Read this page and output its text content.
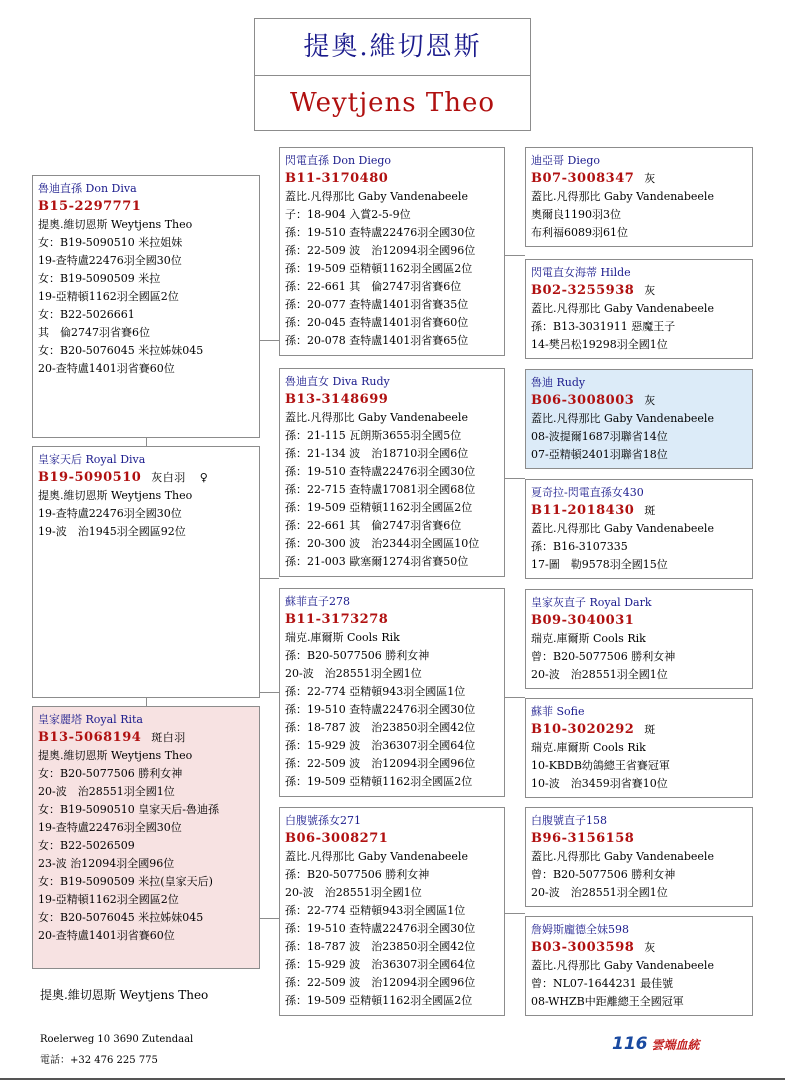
提奧.維切恩斯
Weytjens Theo
魯迪直孫 Don Diva
B15-2297771
提奧.維切恩斯 Weytjens Theo
女：B19-5090510 米拉姐妹
19-查特盧22476羽全國30位
女：B19-5090509 米拉
19-亞精頓1162羽全國區2位
女：B22-5026661
其　倫2747羽省賽6位
女：B20-5076045 米拉姊妹045
20-查特盧1401羽省賽60位
皇家天后 Royal Diva
B19-5090510 灰白羽 ♀
提奧.維切恩斯 Weytjens Theo
19-查特盧22476羽全國30位
19-波　治1945羽全國區92位
皇家麗塔 Royal Rita
B13-5068194 斑白羽
提奧.維切恩斯 Weytjens Theo
女：B20-5077506 勝利女神
20-波　治28551羽全國1位
女：B19-5090510 皇家天后-魯迪孫
19-查特盧22476羽全國30位
女：B22-5026509
23-波 治12094羽全國96位
女：B19-5090509 米拉(皇家天后)
19-亞精頓1162羽全國區2位
女：B20-5076045 米拉姊妹045
20-查特盧1401羽省賽60位
閃電直孫 Don Diego
B11-3170480
蓋比.凡得那比 Gaby Vandenabeele
子：18-904 入賞2-5-9位
孫：19-510 查特盧22476羽全國30位
孫：22-509 波　治12094羽全國96位
孫：19-509 亞精頓1162羽全國區2位
孫：22-661 其　倫2747羽省賽6位
孫：20-077 查特盧1401羽省賽35位
孫：20-045 查特盧1401羽省賽60位
孫：20-078 查特盧1401羽省賽65位
魯迪直女 Diva Rudy
B13-3148699
蓋比.凡得那比 Gaby Vandenabeele
孫：21-115 瓦朗斯3655羽全國5位
孫：21-134 波　治18710羽全國6位
孫：19-510 查特盧22476羽全國30位
孫：22-715 查特盧17081羽全國68位
孫：19-509 亞精頓1162羽全國區2位
孫：22-661 其　倫2747羽省賽6位
孫：20-300 波　治2344羽全國區10位
孫：21-003 歐塞爾1274羽省賽50位
蘇菲直子278
B11-3173278
瑞克.庫爾斯 Cools Rik
孫：B20-5077506 勝利女神
20-波　治28551羽全國1位
孫：22-774 亞精頓943羽全國區1位
孫：19-510 查特盧22476羽全國30位
孫：18-787 波　治23850羽全國42位
孫：15-929 波　治36307羽全國64位
孫：22-509 波　治12094羽全國96位
孫：19-509 亞精頓1162羽全國區2位
白腹號孫女271
B06-3008271
蓋比.凡得那比 Gaby Vandenabeele
孫：B20-5077506 勝利女神
20-波　治28551羽全國1位
孫：22-774 亞精頓943羽全國區1位
孫：19-510 查特盧22476羽全國30位
孫：18-787 波　治23850羽全國42位
孫：15-929 波　治36307羽全國64位
孫：22-509 波　治12094羽全國96位
孫：19-509 亞精頓1162羽全國區2位
迪亞哥 Diego
B07-3008347 灰
蓋比.凡得那比 Gaby Vandenabeele
奧爾良1190羽3位
布利福6089羽61位
閃電直女海蒂 Hilde
B02-3255938 灰
蓋比.凡得那比 Gaby Vandenabeele
孫：B13-3031911 惡魔王子
14-樊呂松19298羽全國1位
魯迪 Rudy
B06-3008003 灰
蓋比.凡得那比 Gaby Vandenabeele
08-波提爾1687羽聯省14位
07-亞精頓2401羽聯省18位
夏奇拉-閃電直孫女430
B11-2018430 斑
蓋比.凡得那比 Gaby Vandenabeele
孫：B16-3107335
17-圖　勒9578羽全國15位
皇家灰直子 Royal Dark
B09-3040031
瑞克.庫爾斯 Cools Rik
曾：B20-5077506 勝利女神
20-波　治28551羽全國1位
蘇菲 Sofie
B10-3020292 斑
瑞克.庫爾斯 Cools Rik
10-KBDB幼鴿總王省賽冠軍
10-波　治3459羽省賽10位
白腹號直子158
B96-3156158
蓋比.凡得那比 Gaby Vandenabeele
曾：B20-5077506 勝利女神
20-波　治28551羽全國1位
詹姆斯龐德全妹598
B03-3003598 灰
蓋比.凡得那比 Gaby Vandenabeele
曾：NL07-1644231 最佳號
08-WHZB中距離總王全國冠軍
提奧.維切恩斯 Weytjens Theo
Roelerweg 10 3690 Zutendaal
電話：+32 476 225 775
116 雲端血統
